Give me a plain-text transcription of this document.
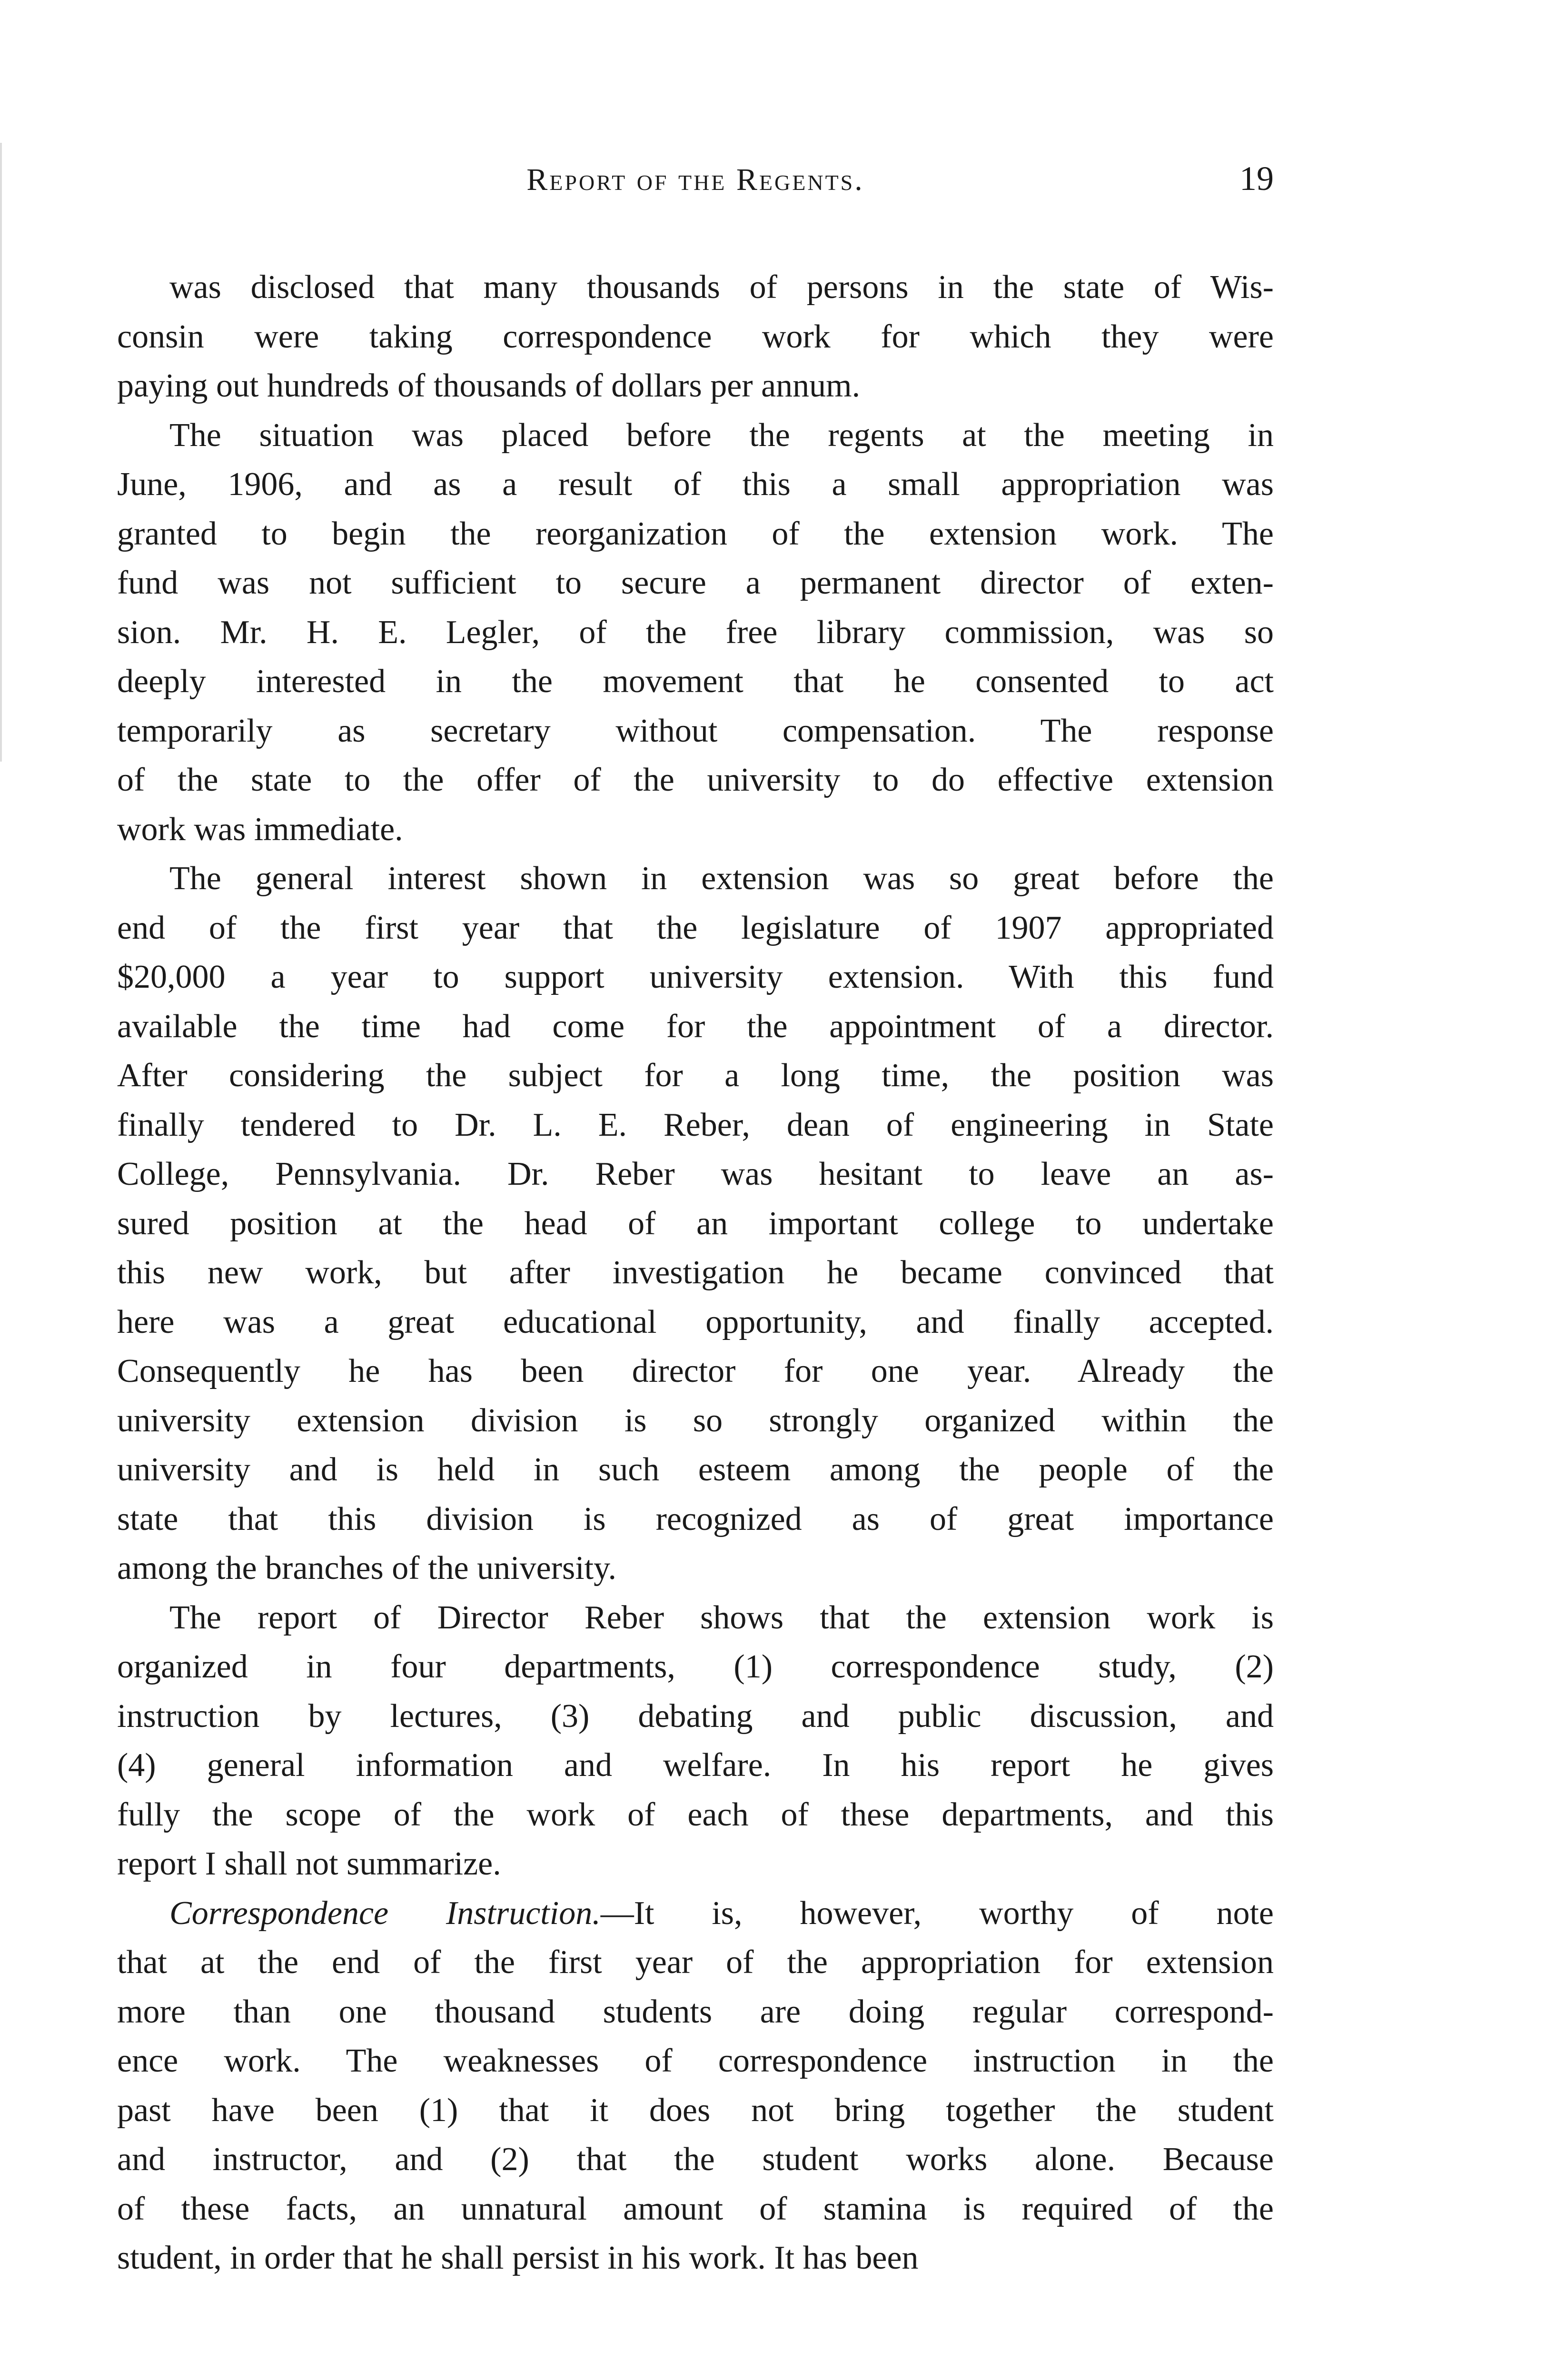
Report of the Regents.	19
was disclosed that many thousands of persons in the state of Wis-
consin were taking correspondence work for which they were
paying out hundreds of thousands of dollars per annum.
The situation was placed before the regents at the meeting in
June, 1906, and as a result of this a small appropriation was
granted to begin the reorganization of the extension work. The
fund was not sufficient to secure a permanent director of exten-
sion. Mr. H. E. Legler, of the free library commission, was so
deeply interested in the movement that he consented to act
temporarily as secretary without compensation. The response
of the state to the offer of the university to do effective extension
work was immediate.
The general interest shown in extension was so great before the
end of the first year that the legislature of 1907 appropriated
$20,000 a year to support university extension. With this fund
available the time had come for the appointment of a director.
After considering the subject for a long time, the position was
finally tendered to Dr. L. E. Reber, dean of engineering in State
College, Pennsylvania. Dr. Reber was hesitant to leave an as-
sured position at the head of an important college to undertake
this new work, but after investigation he became convinced that
here was a great educational opportunity, and finally accepted.
Consequently he has been director for one year. Already the
university extension division is so strongly organized within the
university and is held in such esteem among the people of the
state that this division is recognized as of great importance
among the branches of the university.
The report of Director Reber shows that the extension work is
organized in four departments, (1) correspondence study, (2)
instruction by lectures, (3) debating and public discussion, and
(4) general information and welfare. In his report he gives
fully the scope of the work of each of these departments, and this
report I shall not summarize.
Correspondence Instruction.—It is, however, worthy of note
that at the end of the first year of the appropriation for extension
more than one thousand students are doing regular correspond-
ence work. The weaknesses of correspondence instruction in the
past have been (1) that it does not bring together the student
and instructor, and (2) that the student works alone. Because
of these facts, an unnatural amount of stamina is required of the
student, in order that he shall persist in his work. It has been
